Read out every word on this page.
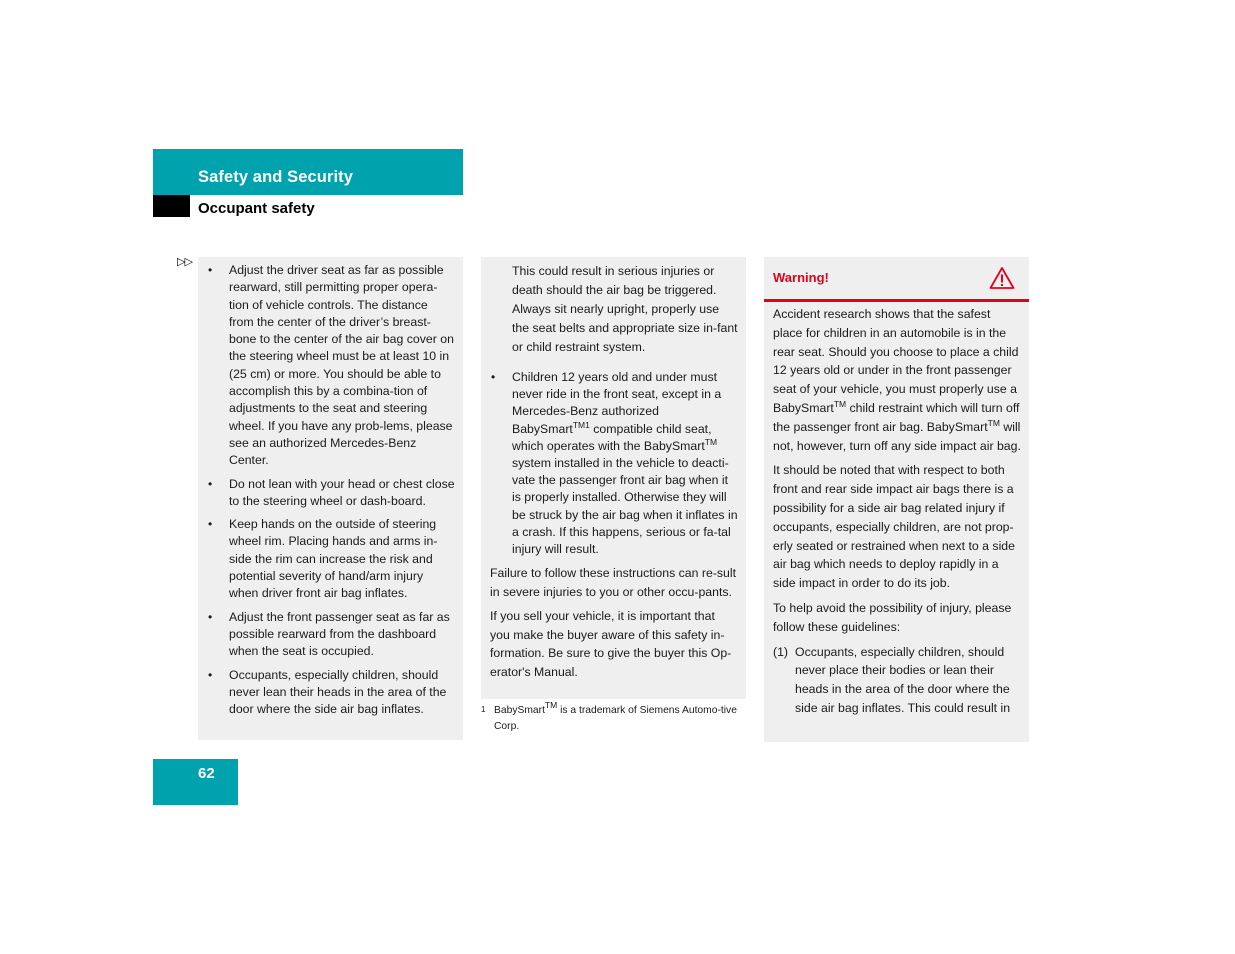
Safety and Security
Occupant safety
▷▷
• Adjust the driver seat as far as possible rearward, still permitting proper opera-tion of vehicle controls. The distance from the center of the driver’s breast-bone to the center of the air bag cover on the steering wheel must be at least 10 in (25 cm) or more. You should be able to accomplish this by a combina-tion of adjustments to the seat and steering wheel. If you have any prob-lems, please see an authorized Mercedes-Benz Center.
• Do not lean with your head or chest close to the steering wheel or dash-board.
• Keep hands on the outside of steering wheel rim. Placing hands and arms in-side the rim can increase the risk and potential severity of hand/arm injury when driver front air bag inflates.
• Adjust the front passenger seat as far as possible rearward from the dashboard when the seat is occupied.
• Occupants, especially children, should never lean their heads in the area of the door where the side air bag inflates.

This could result in serious injuries or death should the air bag be triggered. Always sit nearly upright, properly use the seat belts and appropriate size in-fant or child restraint system.

• Children 12 years old and under must never ride in the front seat, except in a Mercedes-Benz authorized BabySmart$^{TM1}$ compatible child seat, which operates with the BabySmart™ system installed in the vehicle to deacti-vate the passenger front air bag when it is properly installed. Otherwise they will be struck by the air bag when it inflates in a crash. If this happens, serious or fa-tal injury will result.

Failure to follow these instructions can re-sult in severe injuries to you or other occu-pants.

If you sell your vehicle, it is important that you make the buyer aware of this safety in-formation. Be sure to give the buyer this Op-erator's Manual.

1 BabySmart™ is a trademark of Siemens Automo-tive Corp.
Warning!

Accident research shows that the safest place for children in an automobile is in the rear seat. Should you choose to place a child 12 years old or under in the front passenger seat of your vehicle, you must properly use a BabySmart™ child restraint which will turn off the passenger front air bag. BabySmart™ will not, however, turn off any side impact air bag.

It should be noted that with respect to both front and rear side impact air bags there is a possibility for a side air bag related injury if occupants, especially children, are not prop-erly seated or restrained when next to a side air bag which needs to deploy rapidly in a side impact in order to do its job.

To help avoid the possibility of injury, please follow these guidelines:

(1) Occupants, especially children, should never place their bodies or lean their heads in the area of the door where the side air bag inflates. This could result in
62
